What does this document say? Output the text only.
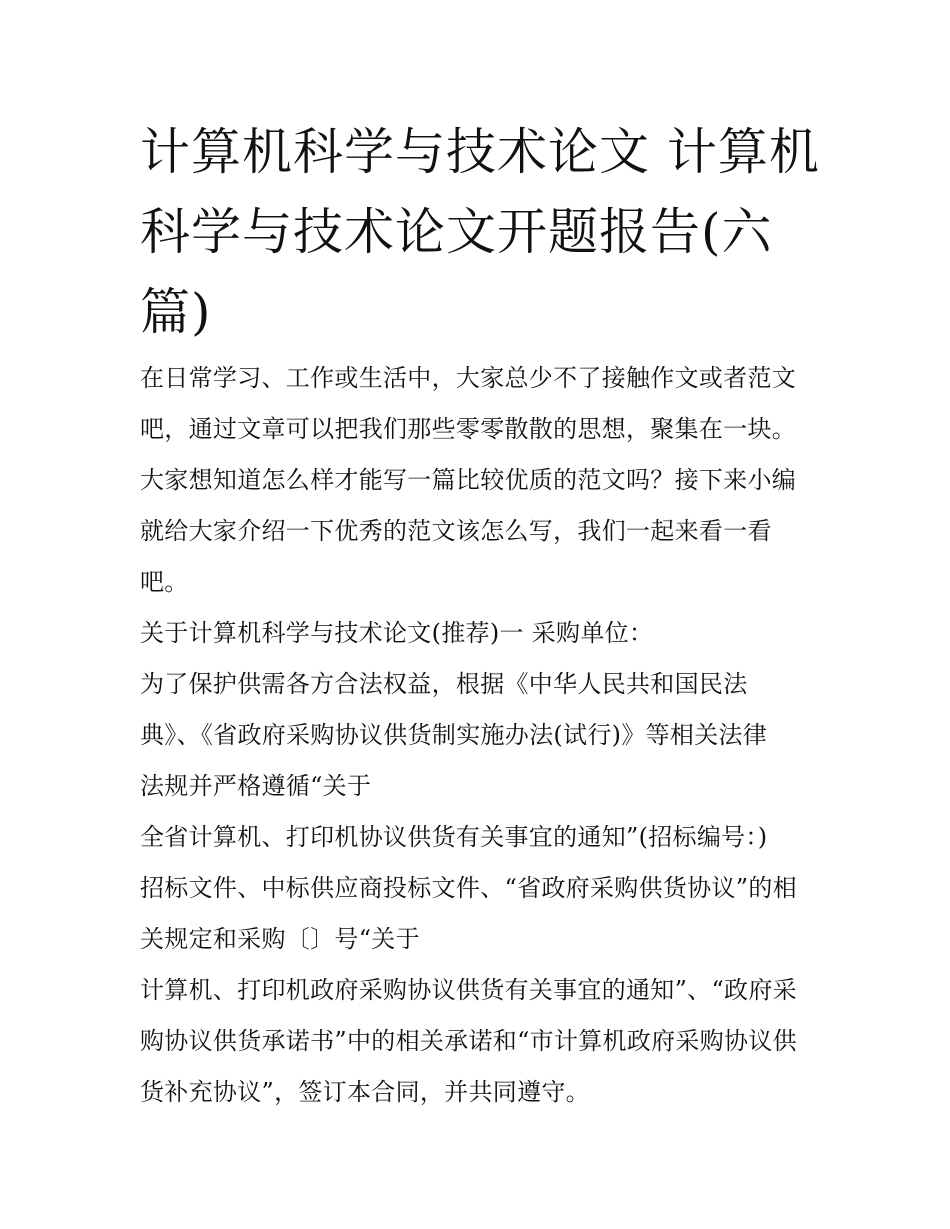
计算机科学与技术论文 计算机
科学与技术论文开题报告(六
篇)

在日常学习、工作或生活中，大家总少不了接触作文或者范文

吧，通过文章可以把我们那些零零散散的思想，聚集在一块。

大家想知道怎么样才能写一篇比较优质的范文吗？接下来小编

就给大家介绍一下优秀的范文该怎么写，我们一起来看一看

吧。

关于计算机科学与技术论文(推荐)一 采购单位：

为了保护供需各方合法权益，根据《中华人民共和国民法

典》、《省政府采购协议供货制实施办法(试行)》等相关法律

法规并严格遵循“关于

全省计算机、打印机协议供货有关事宜的通知”(招标编号：)

招标文件、中标供应商投标文件、“省政府采购供货协议”的相

关规定和采购〔〕号“关于

计算机、打印机政府采购协议供货有关事宜的通知”、“政府采

购协议供货承诺书”中的相关承诺和“市计算机政府采购协议供

货补充协议”，签订本合同，并共同遵守。
